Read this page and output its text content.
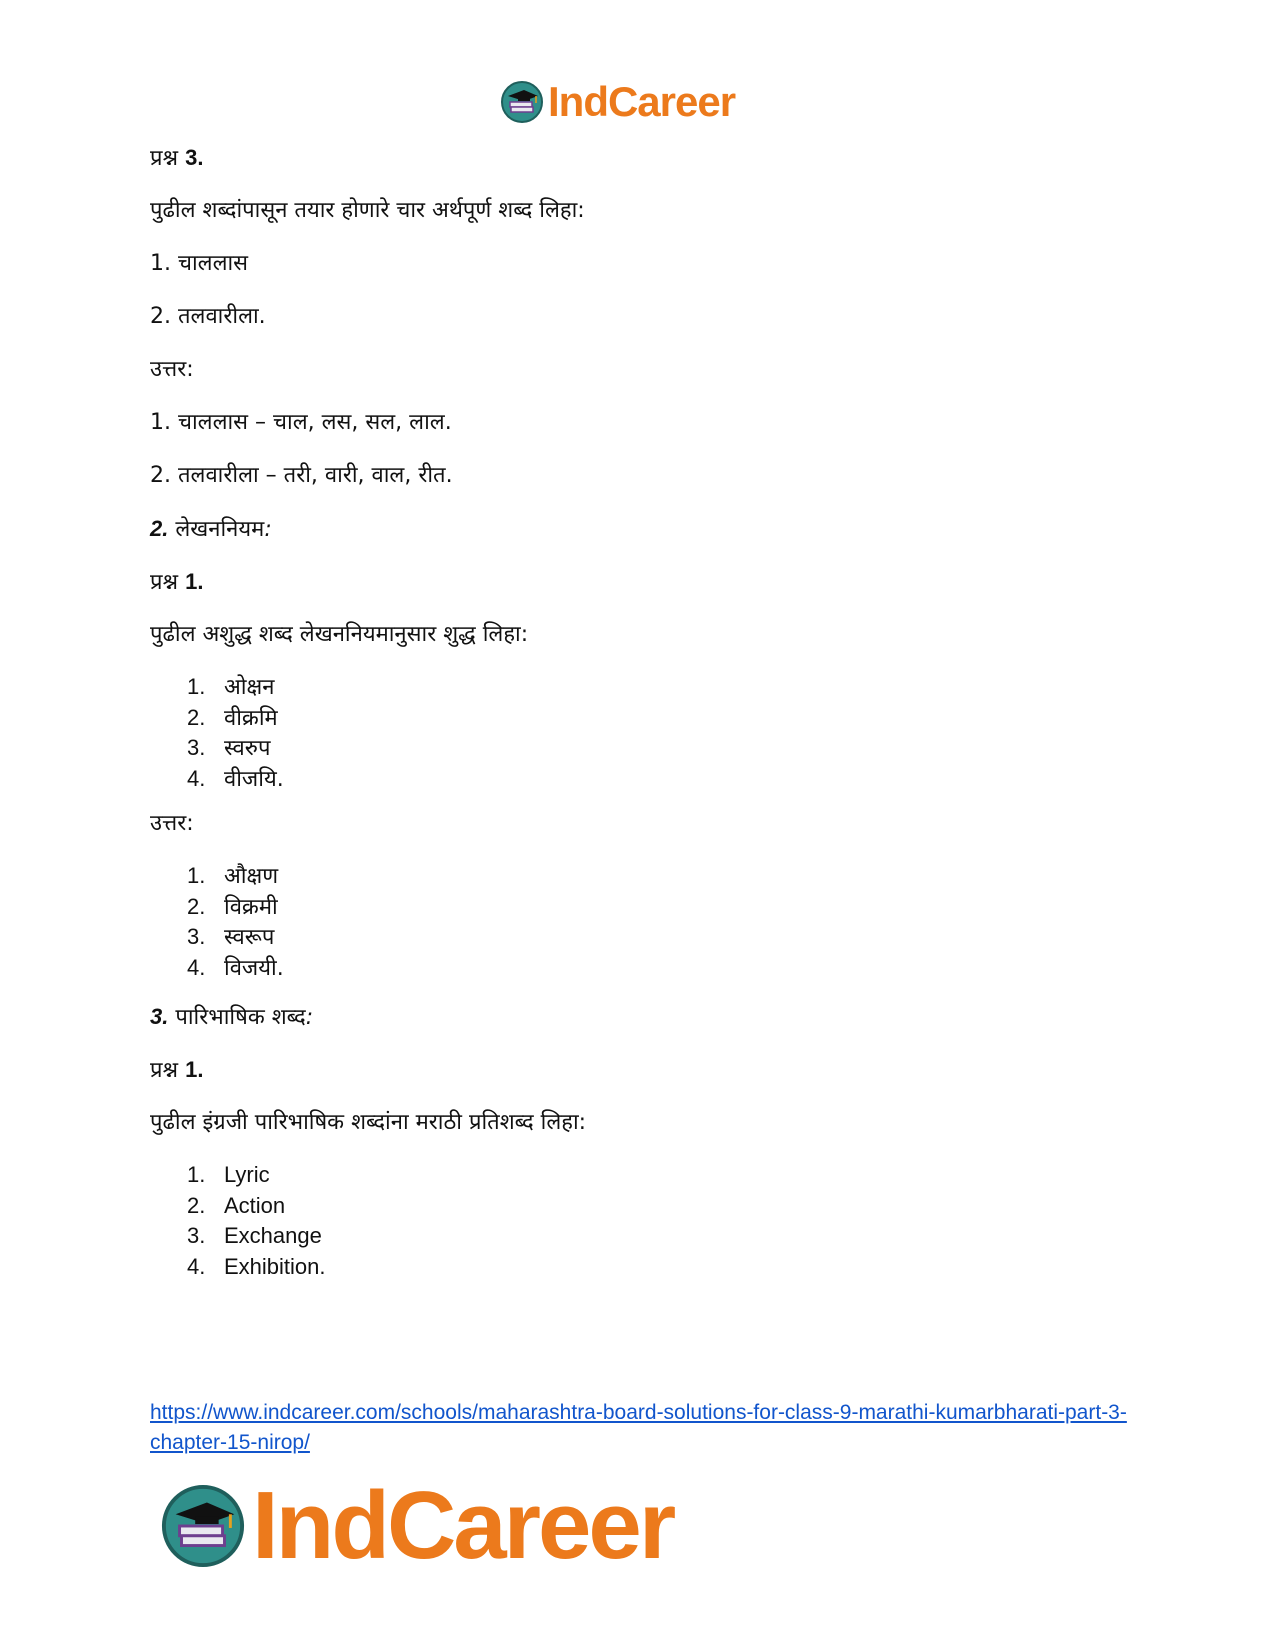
IndCareer

प्रश्न 3.

पुढील शब्दांपासून तयार होणारे चार अर्थपूर्ण शब्द लिहा:

1. चाललास

2. तलवारीला.

उत्तर:

1. चाललास – चाल, लस, सल, लाल.

2. तलवारीला – तरी, वारी, वाल, रीत.

2. लेखननियम:

प्रश्न 1.

पुढील अशुद्ध शब्द लेखननियमानुसार शुद्ध लिहा:

1. ओक्षन
2. वीक्रमि
3. स्वरुप
4. वीजयि.

उत्तर:

1. औक्षण
2. विक्रमी
3. स्वरूप
4. विजयी.

3. पारिभाषिक शब्द:

प्रश्न 1.

पुढील इंग्रजी पारिभाषिक शब्दांना मराठी प्रतिशब्द लिहा:

1. Lyric
2. Action
3. Exchange
4. Exhibition.
https://www.indcareer.com/schools/maharashtra-board-solutions-for-class-9-marathi-kumarbharati-part-3-chapter-15-nirop/
IndCareer
